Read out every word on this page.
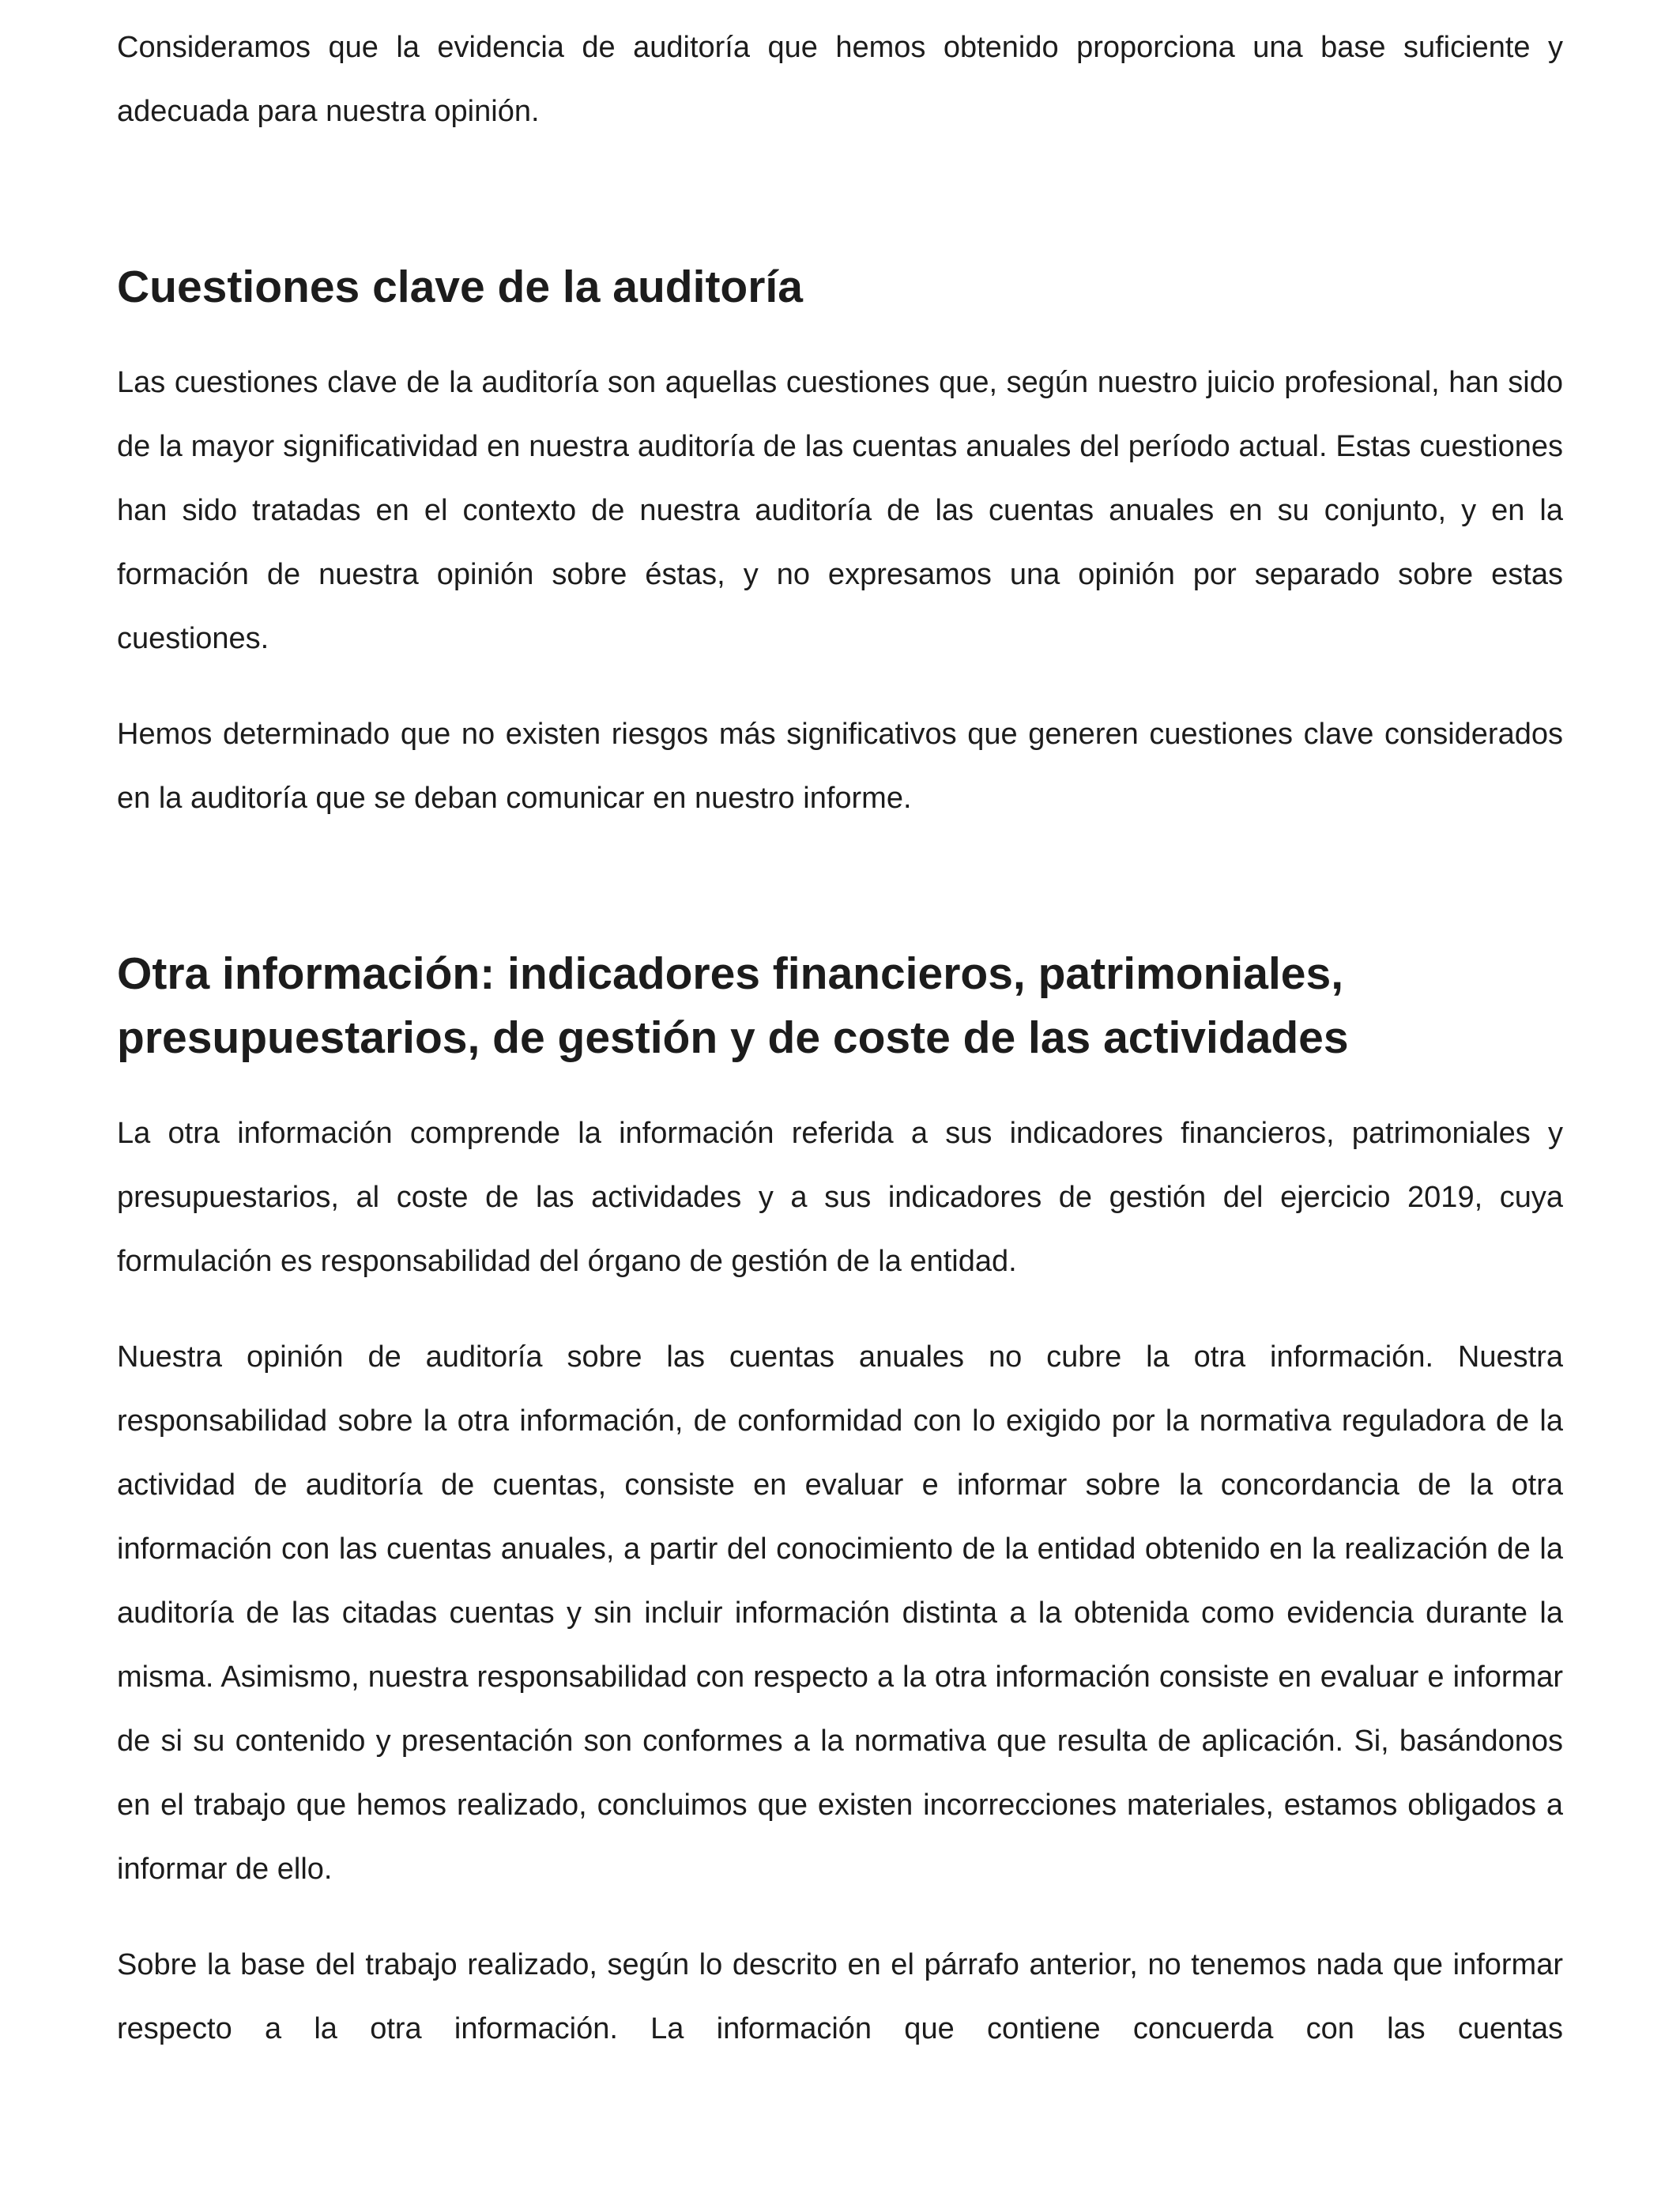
Consideramos que la evidencia de auditoría que hemos obtenido proporciona una base suficiente y adecuada para nuestra opinión.

Cuestiones clave de la auditoría

Las cuestiones clave de la auditoría son aquellas cuestiones que, según nuestro juicio profesional, han sido de la mayor significatividad en nuestra auditoría de las cuentas anuales del período actual. Estas cuestiones han sido tratadas en el contexto de nuestra auditoría de las cuentas anuales en su conjunto, y en la formación de nuestra opinión sobre éstas, y no expresamos una opinión por separado sobre estas cuestiones.

Hemos determinado que no existen riesgos más significativos que generen cuestiones clave considerados en la auditoría que se deban comunicar en nuestro informe.

Otra información: indicadores financieros, patrimoniales, presupuestarios, de gestión y de coste de las actividades

La otra información comprende la información referida a sus indicadores financieros, patrimoniales y presupuestarios, al coste de las actividades y a sus indicadores de gestión del ejercicio 2019, cuya formulación es responsabilidad del órgano de gestión de la entidad.

Nuestra opinión de auditoría sobre las cuentas anuales no cubre la otra información. Nuestra responsabilidad sobre la otra información, de conformidad con lo exigido por la normativa reguladora de la actividad de auditoría de cuentas, consiste en evaluar e informar sobre la concordancia de la otra información con las cuentas anuales, a partir del conocimiento de la entidad obtenido en la realización de la auditoría de las citadas cuentas y sin incluir información distinta a la obtenida como evidencia durante la misma. Asimismo, nuestra responsabilidad con respecto a la otra información consiste en evaluar e informar de si su contenido y presentación son conformes a la normativa que resulta de aplicación. Si, basándonos en el trabajo que hemos realizado, concluimos que existen incorrecciones materiales, estamos obligados a informar de ello.

Sobre la base del trabajo realizado, según lo descrito en el párrafo anterior, no tenemos nada que informar respecto a la otra información. La información que contiene concuerda con las cuentas
